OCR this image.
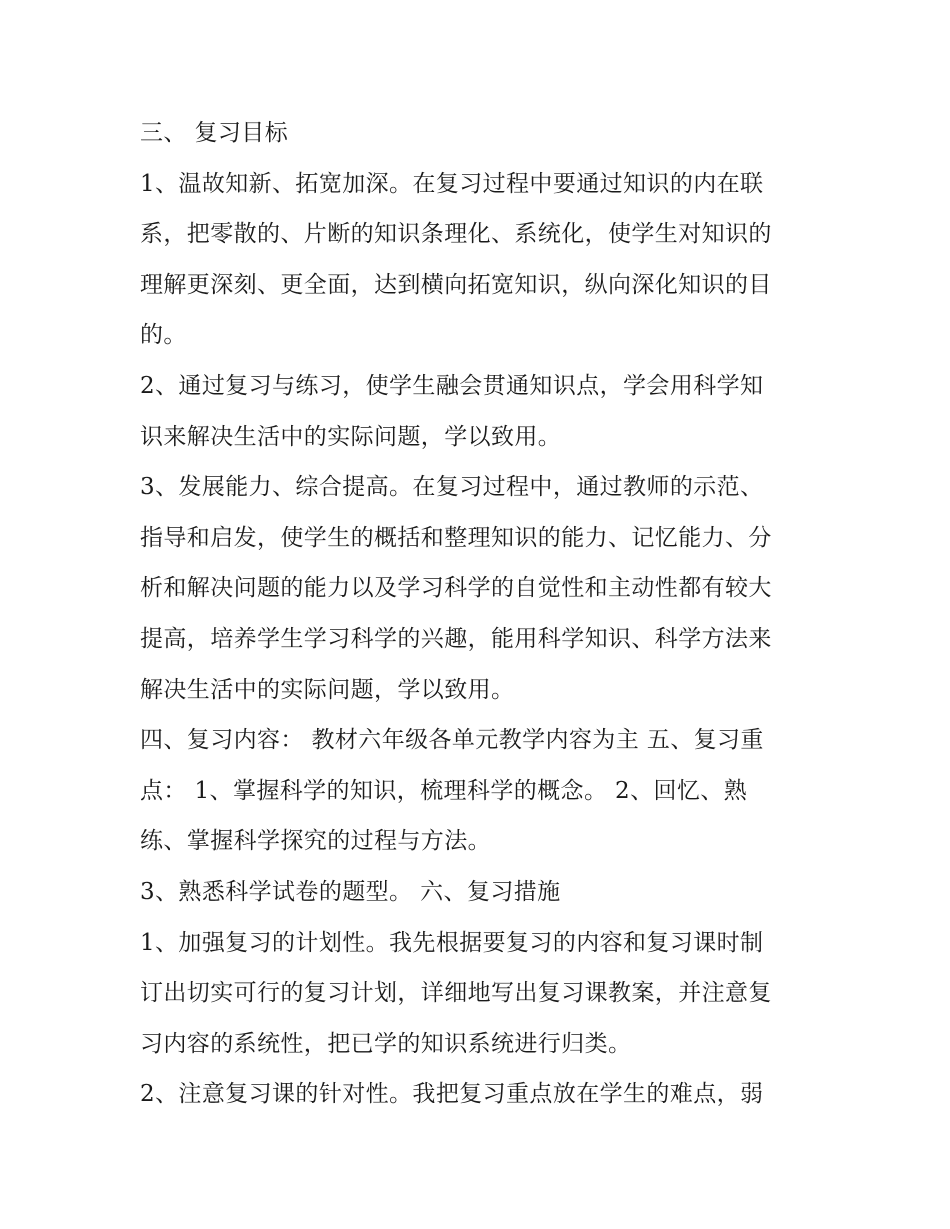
三、 复习目标
1、温故知新、拓宽加深。在复习过程中要通过知识的内在联
系，把零散的、片断的知识条理化、系统化，使学生对知识的
理解更深刻、更全面，达到横向拓宽知识，纵向深化知识的目
的。
2、通过复习与练习，使学生融会贯通知识点，学会用科学知
识来解决生活中的实际问题，学以致用。
3、发展能力、综合提高。在复习过程中，通过教师的示范、
指导和启发，使学生的概括和整理知识的能力、记忆能力、分
析和解决问题的能力以及学习科学的自觉性和主动性都有较大
提高，培养学生学习科学的兴趣，能用科学知识、科学方法来
解决生活中的实际问题，学以致用。
四、复习内容： 教材六年级各单元教学内容为主 五、复习重
点： 1、掌握科学的知识，梳理科学的概念。 2、回忆、熟
练、掌握科学探究的过程与方法。
3、熟悉科学试卷的题型。 六、复习措施
1、加强复习的计划性。我先根据要复习的内容和复习课时制
订出切实可行的复习计划，详细地写出复习课教案，并注意复
习内容的系统性，把已学的知识系统进行归类。
2、注意复习课的针对性。我把复习重点放在学生的难点，弱
